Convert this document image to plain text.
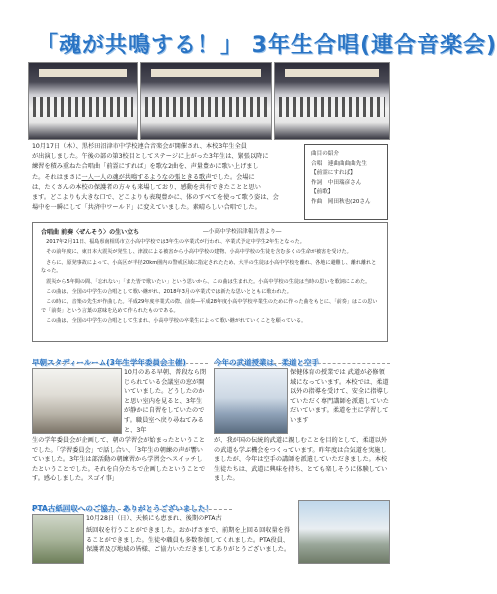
「魂が共鳴する！」 3年生合唱(連合音楽会)
10月17日（木）、黒杉田沼津市中学校連合音楽会が開催され、本校3年生全員
が出演しました。午後の部の第3校目としてステージに上がった3年生は、緊張以降に
練習を積み重ねた合唱曲「前霊にすれば」を歌な2曲を、声量豊かに歌い上げまし
た。それはまさに一人一人の魂が共鳴するようなの張ときる歌声でした。会場に
は、たくさんの本校の保護者の方々も来場しており、感動を共有できたことと思い
ます。どこよりも大きな口で、どこよりも表現豊かに、体のすべてを使って歌う姿は、会
場中を一瞬にして「共済中ワールド」に変えていました。素晴らしい合唱でした。
曲目の紹介
合唱　連曲曲曲曲先生
【前霊にすれば】
作詞　中田瑞彦さん
【前歌】
作曲　岡田秋也(20さん
合唱曲 前奏〈ぜんそう〉の生い立ち	―小高中学校沼津報告書より―

　2017年2月11日、福島県南相馬市立小高中学校では3年生の卒業式が行われ、卒業式予定中学生2年生となった。

　その前年度に、東日本大震災が発生し、津波による被害から小高中学校の建物、小高中学校の生徒を含む多くの生命が被害を受けた。

　さらに、原発事故によって、小高区が半径20km圏内の警戒区域に指定されたため、大半の生徒は小高中学校を離れ、各地に避難し、離れ離れとなった。

　震災から5年間の間、「忘れない」「また皆で歌いたい」という思いから、この曲は生まれた。小高中学校の生徒は当時の思いを歌詞にこめた。

　この曲は、全国の中学生の合唱として歌い継がれ、2018年3月の卒業式では新たな思いとともに歌われた。

　この時に、音楽の先生が作曲した。平成29年度卒業式の際、前奏―平成28年度小高中学校卒業生のために作った曲をもとに、「前奏」はこの思いで「前奏」という言葉の意味を込めて作られたものである。

　この曲は、全国の中学生の合唱として生まれ、小高中学校の卒業生によって歌い継がれていくことを願っている。

早朝スタディールーム(3年生学年委員会主催)
10月のある早朝、普段なら閉じられている会議室の窓が開いていました。どうしたのかと思い室内を見ると、3年生が静かに自習をしていたのです。職員室へ戻り尋ねてみると、3年
生の学年委員会が企画して、朝の学習会が始まったということでした。「学習委員会」で話し合い、「3年生の朝練の声が響いていました。3年生は部活動の朝練習から学習会へスイッチしたということでした。それを自分たちで企画したということです。感心しました。スゴイ事」
今年の武道授業は、柔道と空手
保健体育の授業では 武道が必修領域になっています。本校では、柔道以外の指導を受けて、安全に指導していただく専門講師を派遣していただいています。柔道を主に学習しています
が、我が国の伝統的武道に親しむことを目的として、柔道以外の武道も学ぶ機会をつくっています。昨年度は合気道を実施しましたが、今年は空手の講師を派遣していただきました。本校生徒たちは、武道に興味を持ち、とても楽しそうに体験していました。
PTA古紙回収へのご協力、ありがとうございました！
10月28日（日）、天候にも恵まれ、後期のPTA古
紙回収を行うことができました。おかげさまで、前期を上回る回収量を得ることができました。生徒や職員も多数参加してくれました。PTA役員、保護者及び地域の皆様、ご協力いただきましてありがとうございました。
